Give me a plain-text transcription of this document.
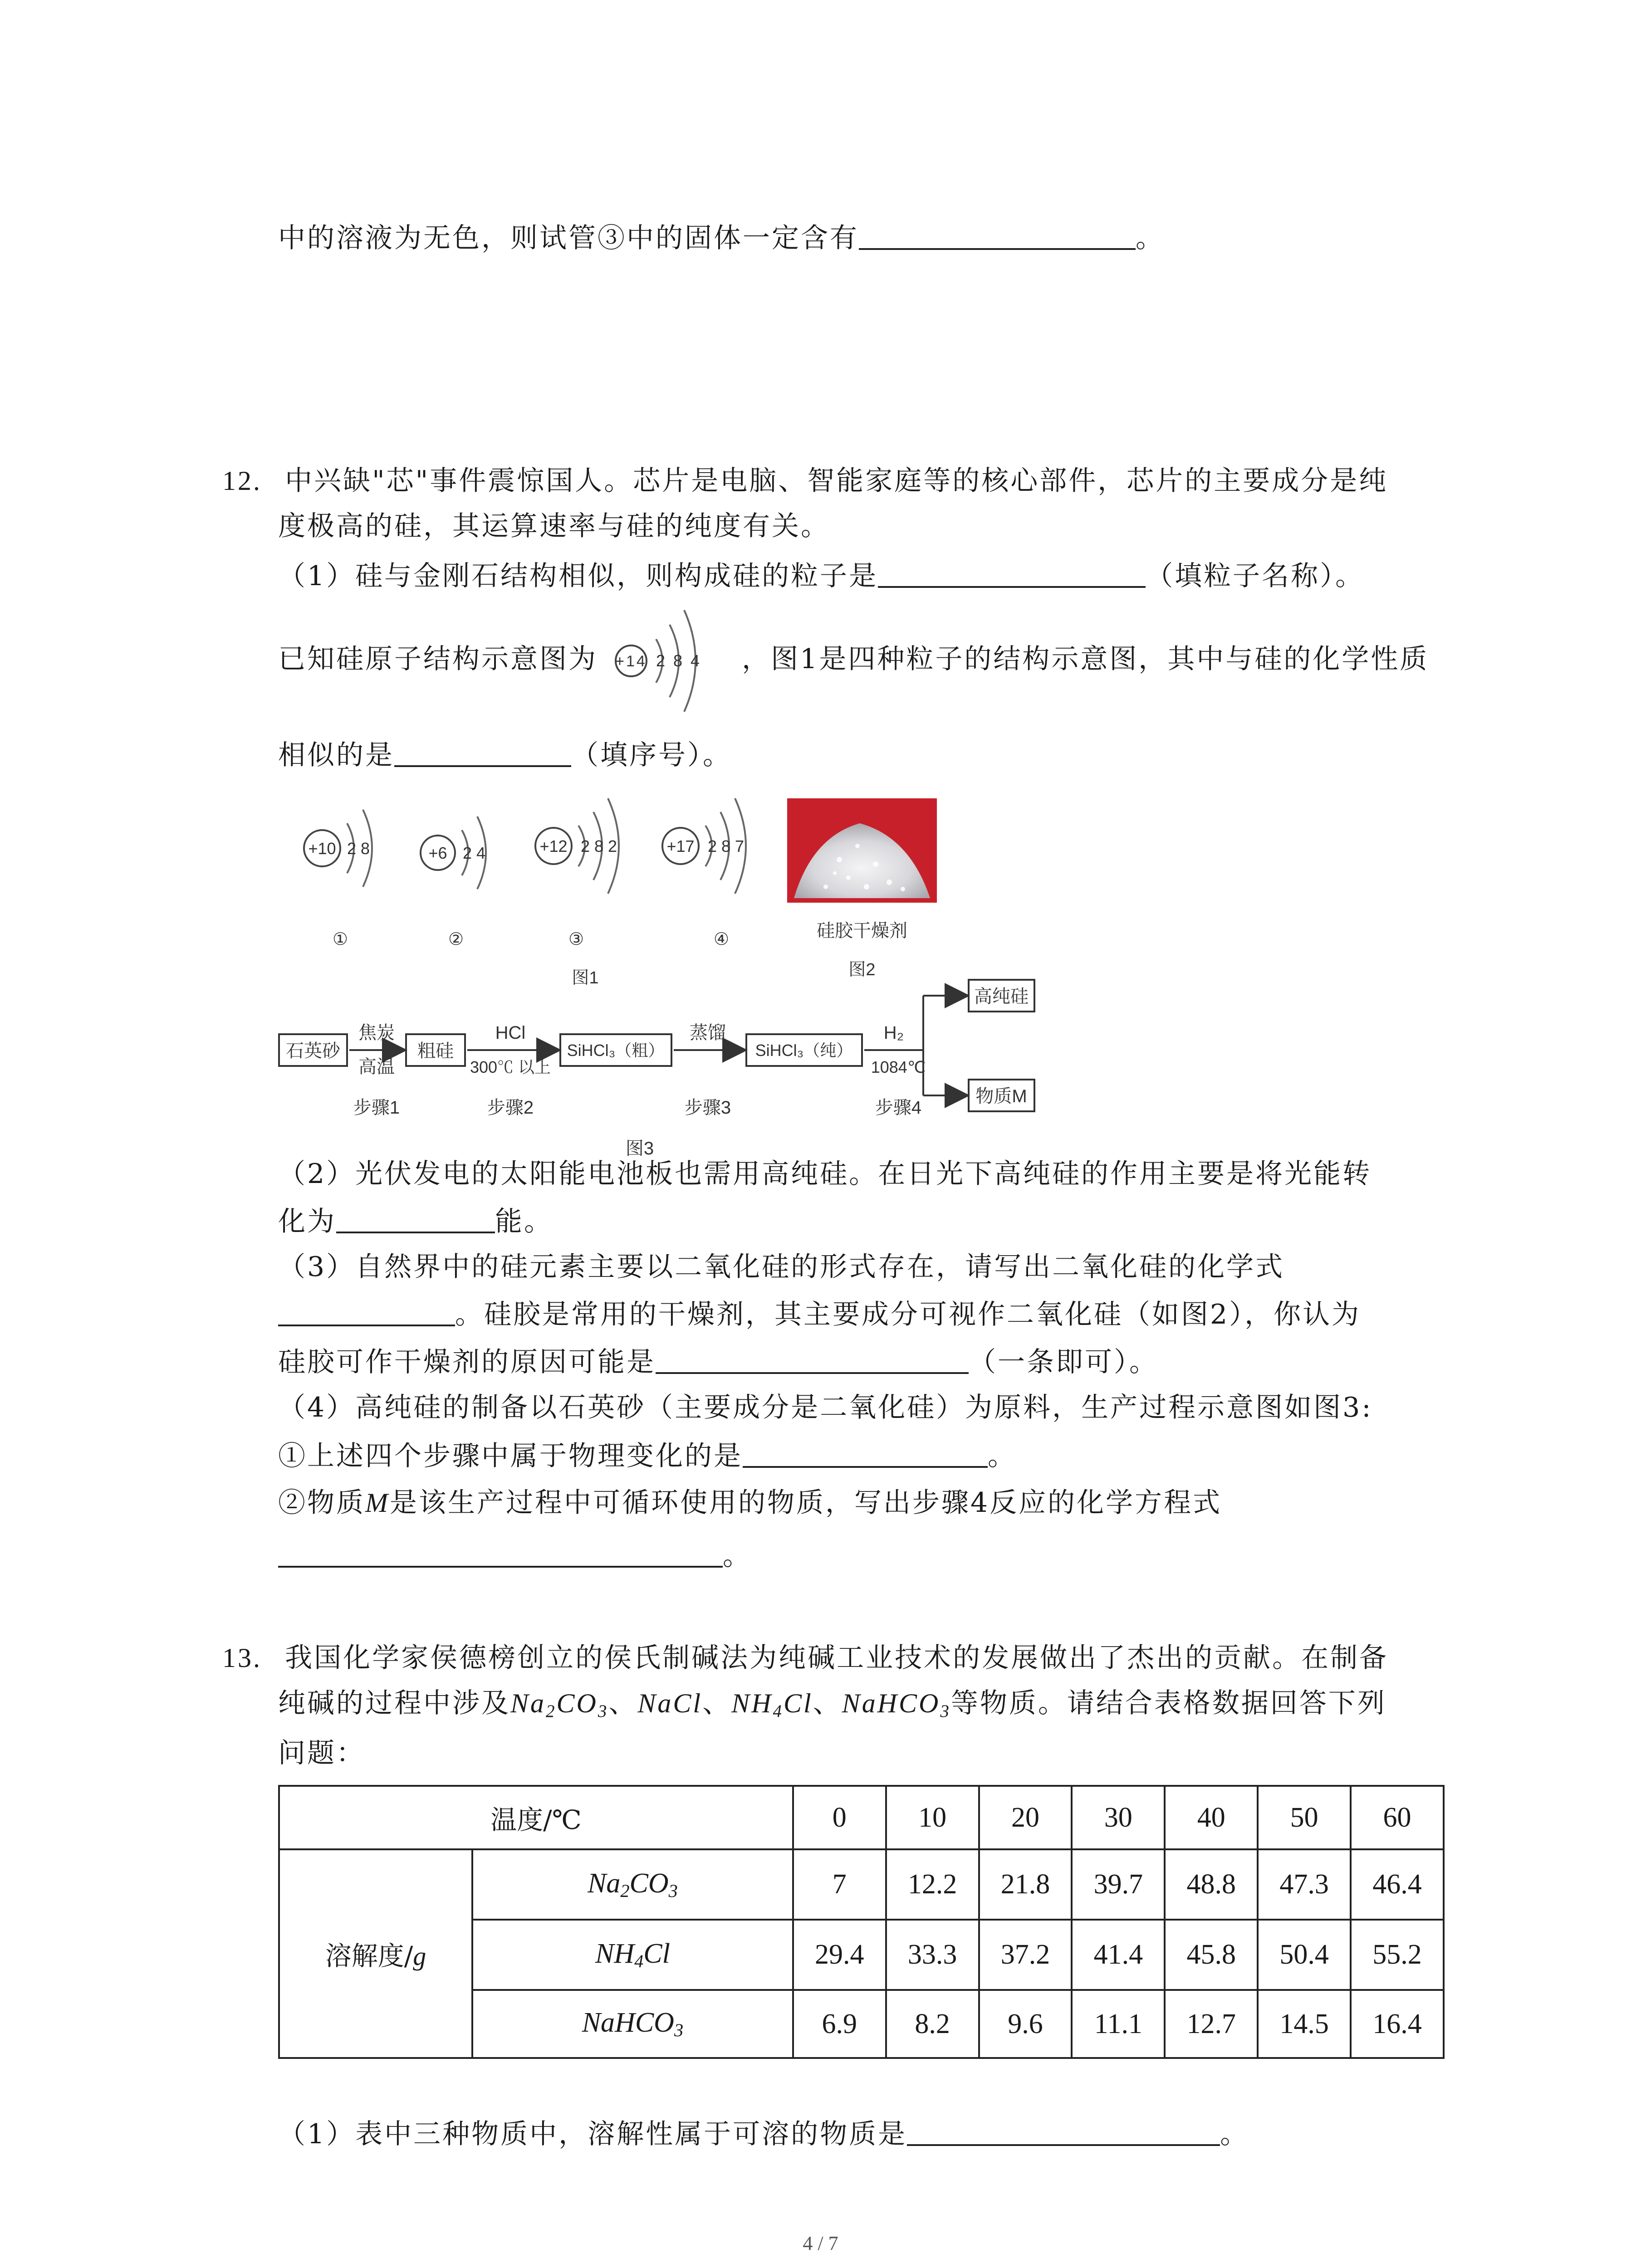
中的溶液为无色，则试管③中的固体一定含有	。
12. 中兴缺"芯"事件震惊国人。芯片是电脑、智能家庭等的核心部件，芯片的主要成分是纯
度极高的硅，其运算速率与硅的纯度有关。
（1）硅与金刚石结构相似，则构成硅的粒子是	（填粒子名称）。
已知硅原子结构示意图为 +14 2 8 4 ，图1是四种粒子的结构示意图，其中与硅的化学性质
相似的是	（填序号）。
+10 2 8
①
+6 2 4
②
+12 2 8 2
③
+17 2 8 7
④
图1
硅胶干燥剂
图2
石英砂
焦炭
高温
步骤1
粗硅
HCl
300℃ 以上
步骤2
SiHCl₃（粗）
蒸馏
步骤3
SiHCl₃（纯）
H₂
1084℃
步骤4
高纯硅
物质M
图3
（2）光伏发电的太阳能电池板也需用高纯硅。在日光下高纯硅的作用主要是将光能转
化为	能。
（3）自然界中的硅元素主要以二氧化硅的形式存在，请写出二氧化硅的化学式
。硅胶是常用的干燥剂，其主要成分可视作二氧化硅（如图2），你认为
硅胶可作干燥剂的原因可能是	（一条即可）。
（4）高纯硅的制备以石英砂（主要成分是二氧化硅）为原料，生产过程示意图如图3:
①上述四个步骤中属于物理变化的是	。
②物质M是该生产过程中可循环使用的物质，写出步骤4反应的化学方程式
。
13. 我国化学家侯德榜创立的侯氏制碱法为纯碱工业技术的发展做出了杰出的贡献。在制备
纯碱的过程中涉及$Na_2CO_3$、NaCl、$NH_4Cl$、NaHCO$_3$等物质。请结合表格数据回答下列
问题：
温度/℃		0	10	20	30	40	50	60
溶解度/g	$Na_2CO_3$	7	12.2	21.8	39.7	48.8	47.3	46.4
	$NH_4Cl$	29.4	33.3	37.2	41.4	45.8	50.4	55.2
	NaHCO$_3$	6.9	8.2	9.6	11.1	12.7	14.5	16.4
（1）表中三种物质中，溶解性属于可溶的物质是	。
4 / 7
